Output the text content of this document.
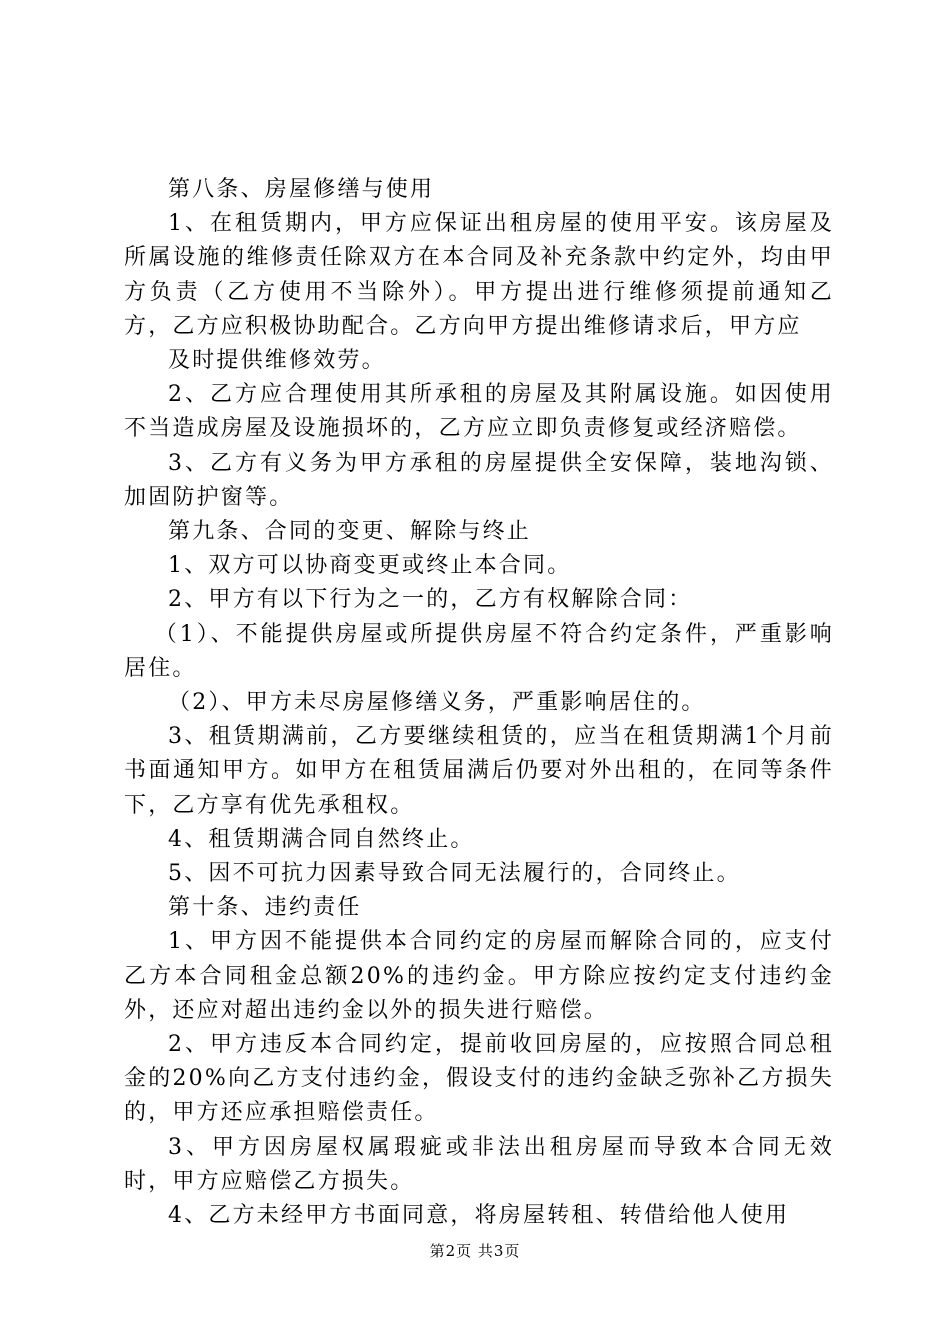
第八条、房屋修缮与使用

1、在租赁期内，甲方应保证出租房屋的使用平安。该房屋及所属设施的维修责任除双方在本合同及补充条款中约定外，均由甲方负责（乙方使用不当除外）。甲方提出进行维修须提前通知乙方，乙方应积极协助配合。乙方向甲方提出维修请求后，甲方应

及时提供维修效劳。

2、乙方应合理使用其所承租的房屋及其附属设施。如因使用不当造成房屋及设施损坏的，乙方应立即负责修复或经济赔偿。

3、乙方有义务为甲方承租的房屋提供全安保障，装地沟锁、加固防护窗等。

第九条、合同的变更、解除与终止

1、双方可以协商变更或终止本合同。

2、甲方有以下行为之一的，乙方有权解除合同：

（1）、不能提供房屋或所提供房屋不符合约定条件，严重影响居住。

（2）、甲方未尽房屋修缮义务，严重影响居住的。

3、租赁期满前，乙方要继续租赁的，应当在租赁期满1个月前书面通知甲方。如甲方在租赁届满后仍要对外出租的，在同等条件下，乙方享有优先承租权。

4、租赁期满合同自然终止。

5、因不可抗力因素导致合同无法履行的，合同终止。

第十条、违约责任

1、甲方因不能提供本合同约定的房屋而解除合同的，应支付乙方本合同租金总额20%的违约金。甲方除应按约定支付违约金外，还应对超出违约金以外的损失进行赔偿。

2、甲方违反本合同约定，提前收回房屋的，应按照合同总租金的20%向乙方支付违约金，假设支付的违约金缺乏弥补乙方损失的，甲方还应承担赔偿责任。

3、甲方因房屋权属瑕疵或非法出租房屋而导致本合同无效时，甲方应赔偿乙方损失。

4、乙方未经甲方书面同意，将房屋转租、转借给他人使用

第2页 共3页
